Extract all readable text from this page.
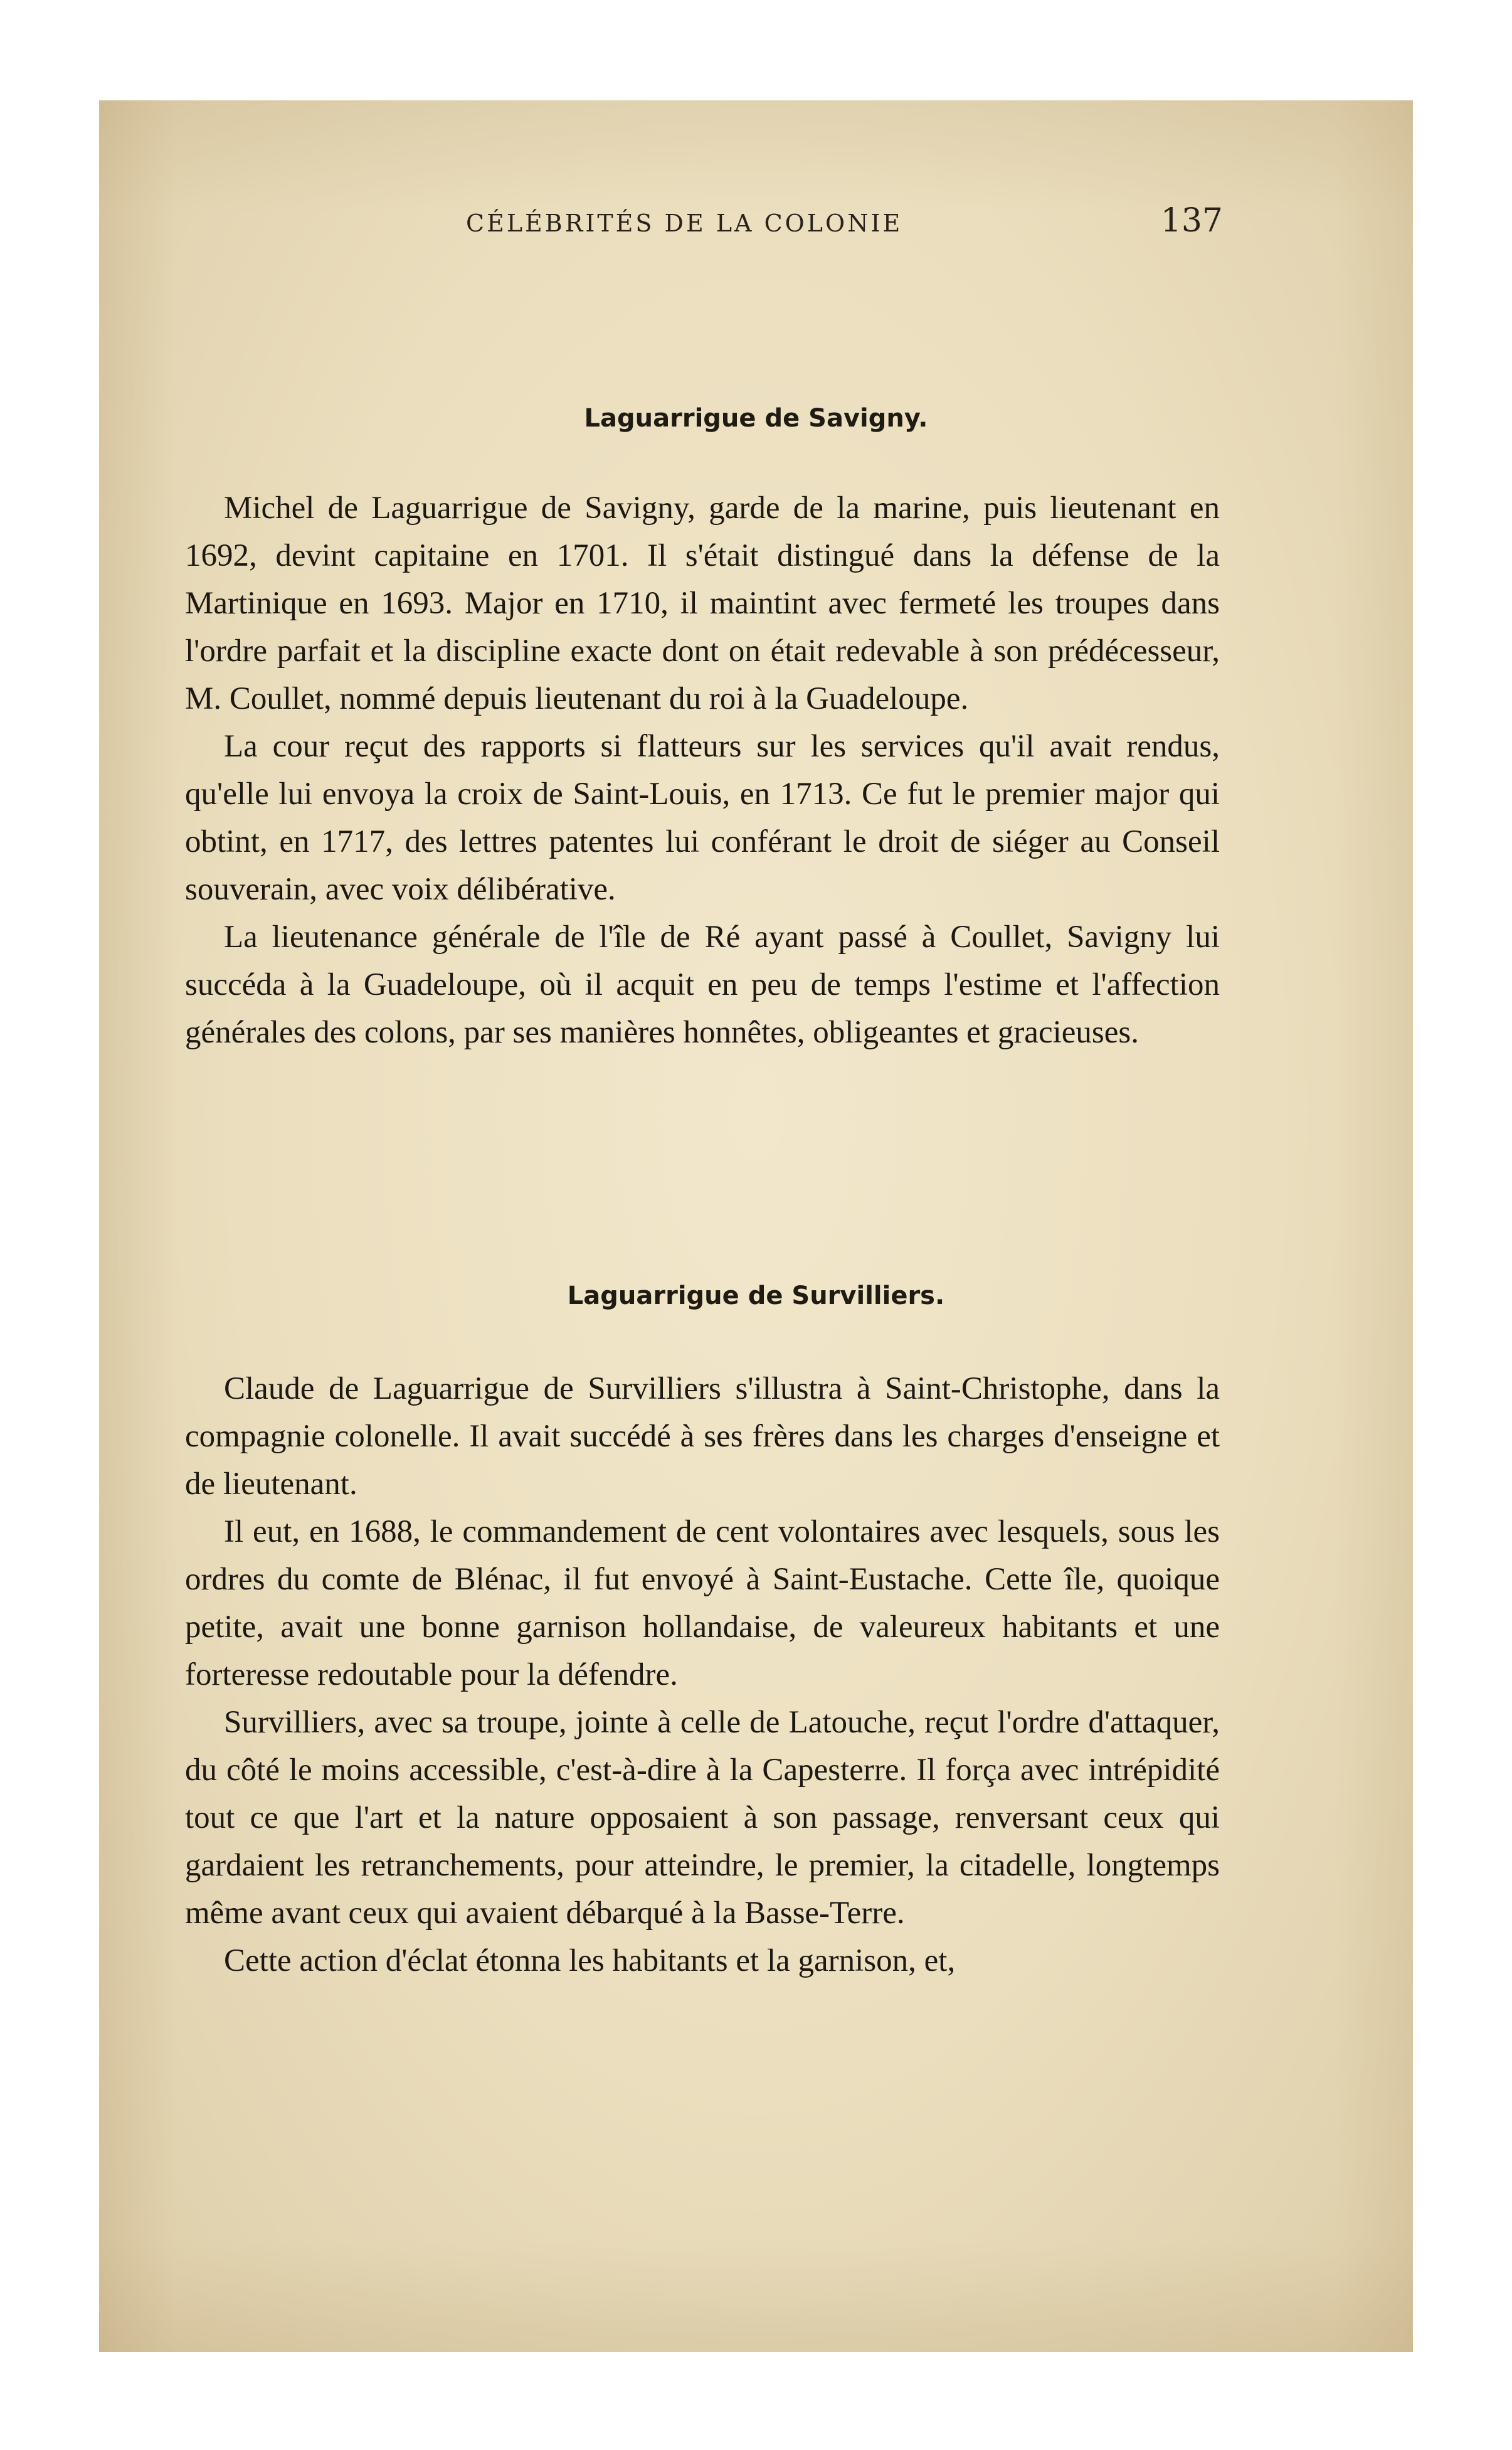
CÉLÉBRITÉS DE LA COLONIE	137
Laguarrigue de Savigny.

Michel de Laguarrigue de Savigny, garde de la marine, puis lieutenant en 1692, devint capitaine en 1701. Il s'était distingué dans la défense de la Martinique en 1693. Major en 1710, il maintint avec fermeté les troupes dans l'ordre parfait et la discipline exacte dont on était redevable à son prédécesseur, M. Coullet, nommé depuis lieutenant du roi à la Guadeloupe.

La cour reçut des rapports si flatteurs sur les services qu'il avait rendus, qu'elle lui envoya la croix de Saint-Louis, en 1713. Ce fut le premier major qui obtint, en 1717, des lettres patentes lui conférant le droit de siéger au Conseil souverain, avec voix délibérative.

La lieutenance générale de l'île de Ré ayant passé à Coullet, Savigny lui succéda à la Guadeloupe, où il acquit en peu de temps l'estime et l'affection générales des colons, par ses manières honnêtes, obligeantes et gracieuses.

Laguarrigue de Survilliers.

Claude de Laguarrigue de Survilliers s'illustra à Saint-Christophe, dans la compagnie colonelle. Il avait succédé à ses frères dans les charges d'enseigne et de lieutenant.

Il eut, en 1688, le commandement de cent volontaires avec lesquels, sous les ordres du comte de Blénac, il fut envoyé à Saint-Eustache. Cette île, quoique petite, avait une bonne garnison hollandaise, de valeureux habitants et une forteresse redoutable pour la défendre.

Survilliers, avec sa troupe, jointe à celle de Latouche, reçut l'ordre d'attaquer, du côté le moins accessible, c'est-à-dire à la Capesterre. Il força avec intrépidité tout ce que l'art et la nature opposaient à son passage, renversant ceux qui gardaient les retranchements, pour atteindre, le premier, la citadelle, longtemps même avant ceux qui avaient débarqué à la Basse-Terre.

Cette action d'éclat étonna les habitants et la garnison, et,
